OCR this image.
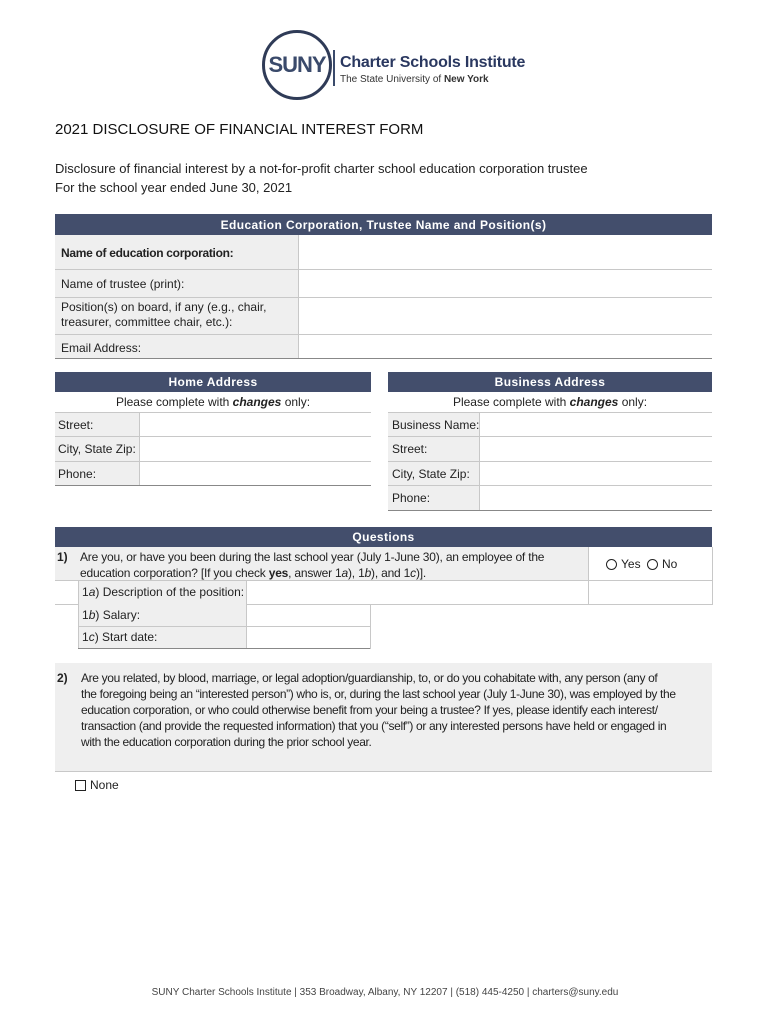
SUNY Charter Schools Institute
The State University of New York
2021 DISCLOSURE OF FINANCIAL INTEREST FORM
Disclosure of financial interest by a not-for-profit charter school education corporation trustee
For the school year ended June 30, 2021
Education Corporation, Trustee Name and Position(s)
Name of education corporation:
Name of trustee (print):
Position(s) on board, if any (e.g., chair, treasurer, committee chair, etc.):
Email Address:
Home Address
Please complete with changes only:
Street:
City, State Zip:
Phone:
Business Address
Please complete with changes only:
Business Name:
Street:
City, State Zip:
Phone:
Questions
1) Are you, or have you been during the last school year (July 1-June 30), an employee of the
education corporation? [If you check yes, answer 1a), 1b), and 1c)].
Yes No
1a) Description of the position:
1b) Salary:
1c) Start date:
2) Are you related, by blood, marriage, or legal adoption/guardianship, to, or do you cohabitate with, any person (any of
the foregoing being an “interested person”) who is, or, during the last school year (July 1-June 30), was employed by the
education corporation, or who could otherwise benefit from your being a trustee? If yes, please identify each interest/
transaction (and provide the requested information) that you (“self”) or any interested persons have held or engaged in
with the education corporation during the prior school year.
None
SUNY Charter Schools Institute | 353 Broadway, Albany, NY 12207 | (518) 445-4250 | charters@suny.edu
